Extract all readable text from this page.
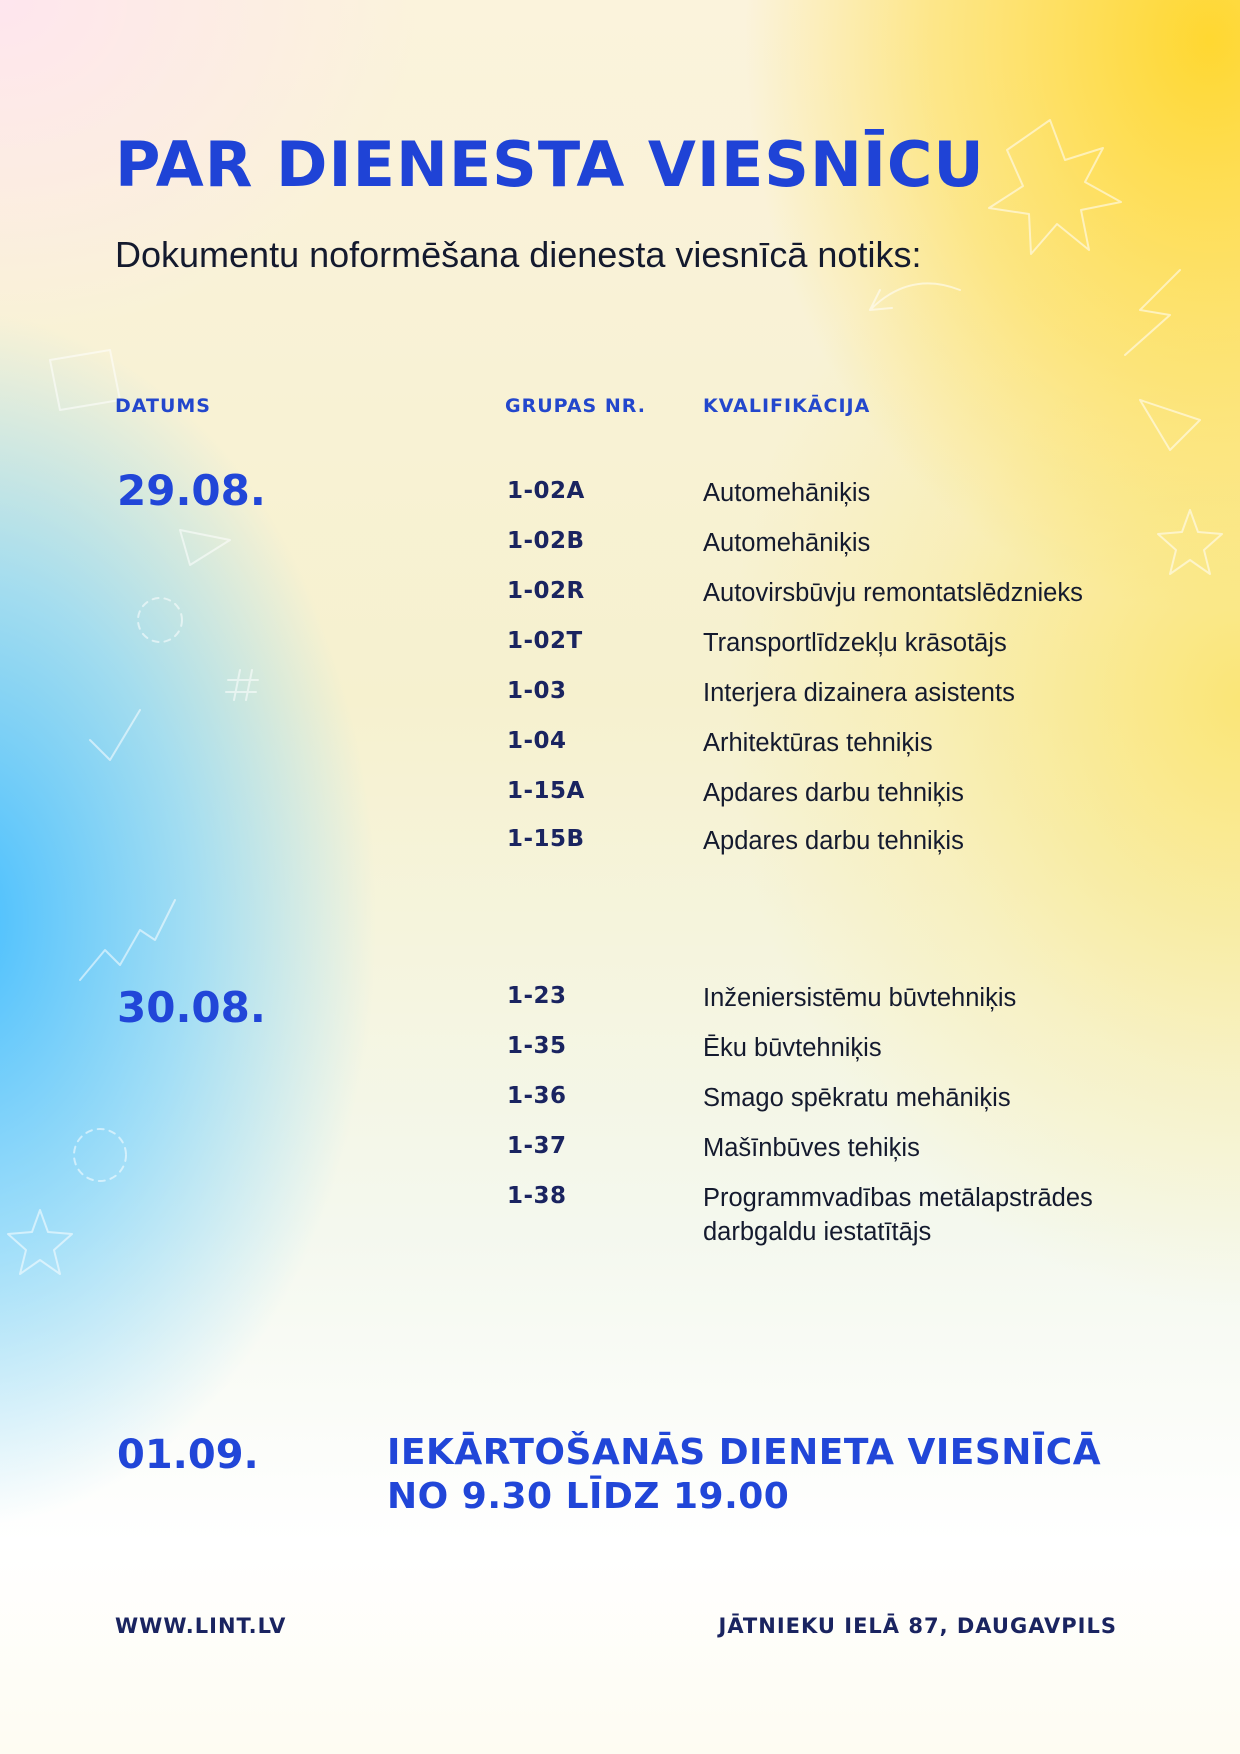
PAR DIENESTA VIESNĪCU
Dokumentu noformēšana dienesta viesnīcā notiks:
DATUMS	GRUPAS NR.	KVALIFIKĀCIJA
29.08.	1-02A	Automehāniķis
1-02B	Automehāniķis
1-02R	Autovirsbūvju remontatslēdznieks
1-02T	Transportlīdzekļu krāsotājs
1-03	Interjera dizainera asistents
1-04	Arhitektūras tehniķis
1-15A	Apdares darbu tehniķis
1-15B	Apdares darbu tehniķis
30.08.	1-23	Inženiersistēmu būvtehniķis
1-35	Ēku būvtehniķis
1-36	Smago spēkratu mehāniķis
1-37	Mašīnbūves tehiķis
1-38	Programmvadības metālapstrādes darbgaldu iestatītājs
01.09.	IEKĀRTOŠANĀS DIENETA VIESNĪCĀ
NO 9.30 LĪDZ 19.00
WWW.LINT.LV	JĀTNIEKU IELĀ 87, DAUGAVPILS
